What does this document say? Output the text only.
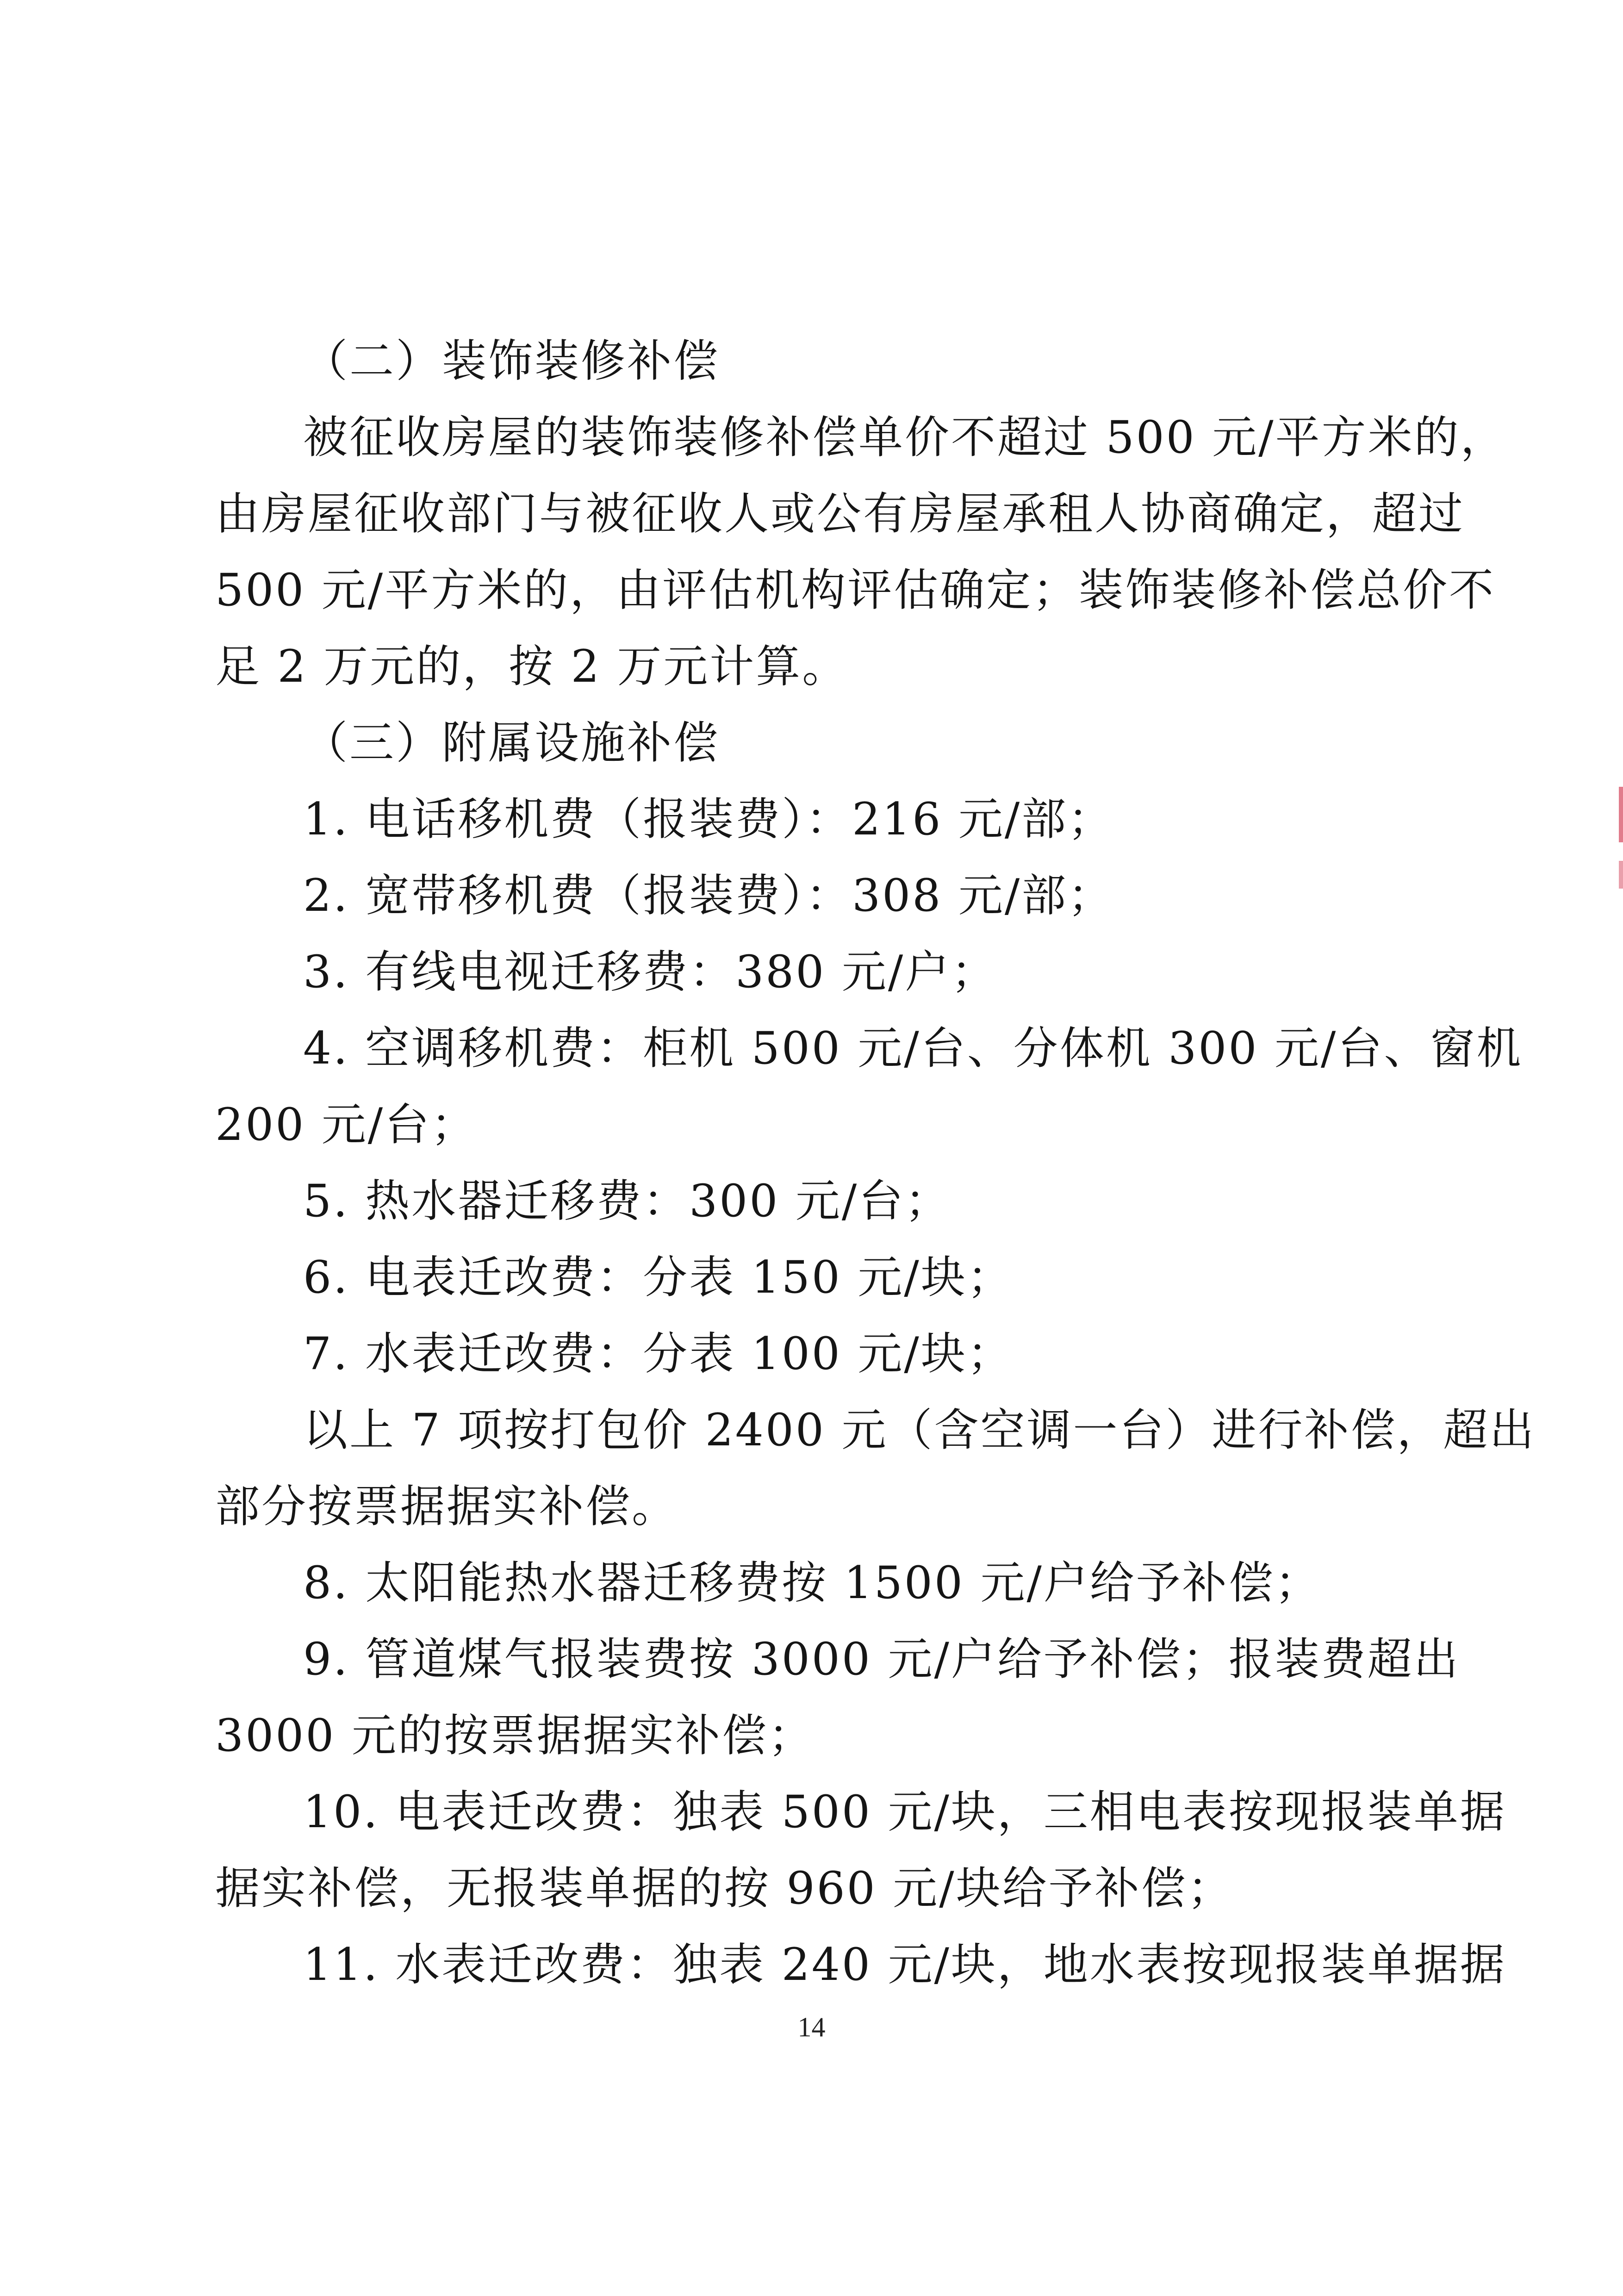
（二）装饰装修补偿
被征收房屋的装饰装修补偿单价不超过 500 元/平方米的，
由房屋征收部门与被征收人或公有房屋承租人协商确定，超过
500 元/平方米的，由评估机构评估确定；装饰装修补偿总价不
足 2 万元的，按 2 万元计算。
（三）附属设施补偿
1. 电话移机费（报装费）：216 元/部；
2. 宽带移机费（报装费）：308 元/部；
3. 有线电视迁移费：380 元/户；
4. 空调移机费：柜机 500 元/台、分体机 300 元/台、窗机
200 元/台；
5. 热水器迁移费：300 元/台；
6. 电表迁改费：分表 150 元/块；
7. 水表迁改费：分表 100 元/块；
以上 7 项按打包价 2400 元（含空调一台）进行补偿，超出
部分按票据据实补偿。
8. 太阳能热水器迁移费按 1500 元/户给予补偿；
9. 管道煤气报装费按 3000 元/户给予补偿；报装费超出
3000 元的按票据据实补偿；
10. 电表迁改费：独表 500 元/块，三相电表按现报装单据
据实补偿，无报装单据的按 960 元/块给予补偿；
11. 水表迁改费：独表 240 元/块，地水表按现报装单据据
14
